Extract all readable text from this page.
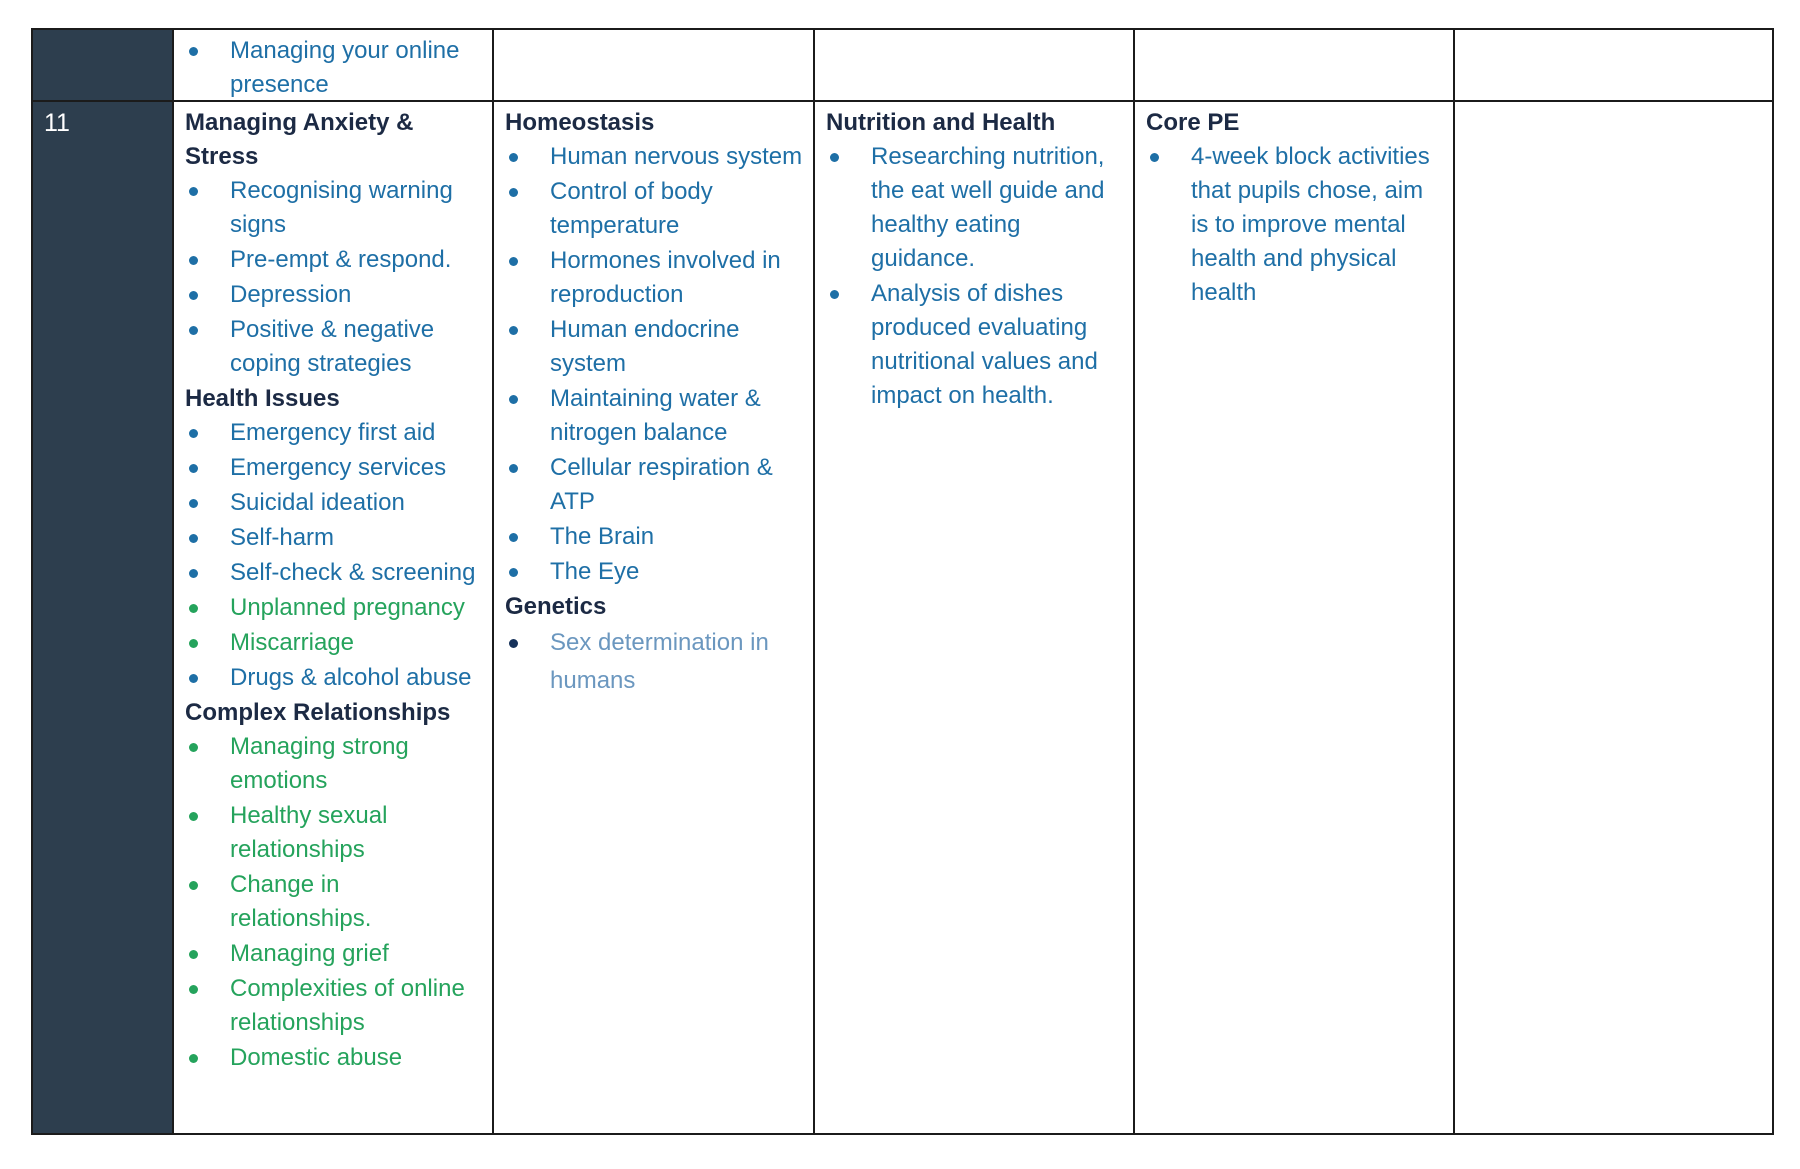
Managing your online presence
11	Managing Anxiety & Stress
Recognising warning signs
Pre-empt & respond.
Depression
Positive & negative coping strategies
Health Issues
Emergency first aid
Emergency services
Suicidal ideation
Self-harm
Self-check & screening
Unplanned pregnancy
Miscarriage
Drugs & alcohol abuse
Complex Relationships
Managing strong emotions
Healthy sexual relationships
Change in relationships.
Managing grief
Complexities of online relationships
Domestic abuse
Homeostasis
Human nervous system
Control of body temperature
Hormones involved in reproduction
Human endocrine system
Maintaining water & nitrogen balance
Cellular respiration & ATP
The Brain
The Eye
Genetics
Sex determination in humans
Nutrition and Health
Researching nutrition, the eat well guide and healthy eating guidance.
Analysis of dishes produced evaluating nutritional values and impact on health.
Core PE
4-week block activities that pupils chose, aim is to improve mental health and physical health
